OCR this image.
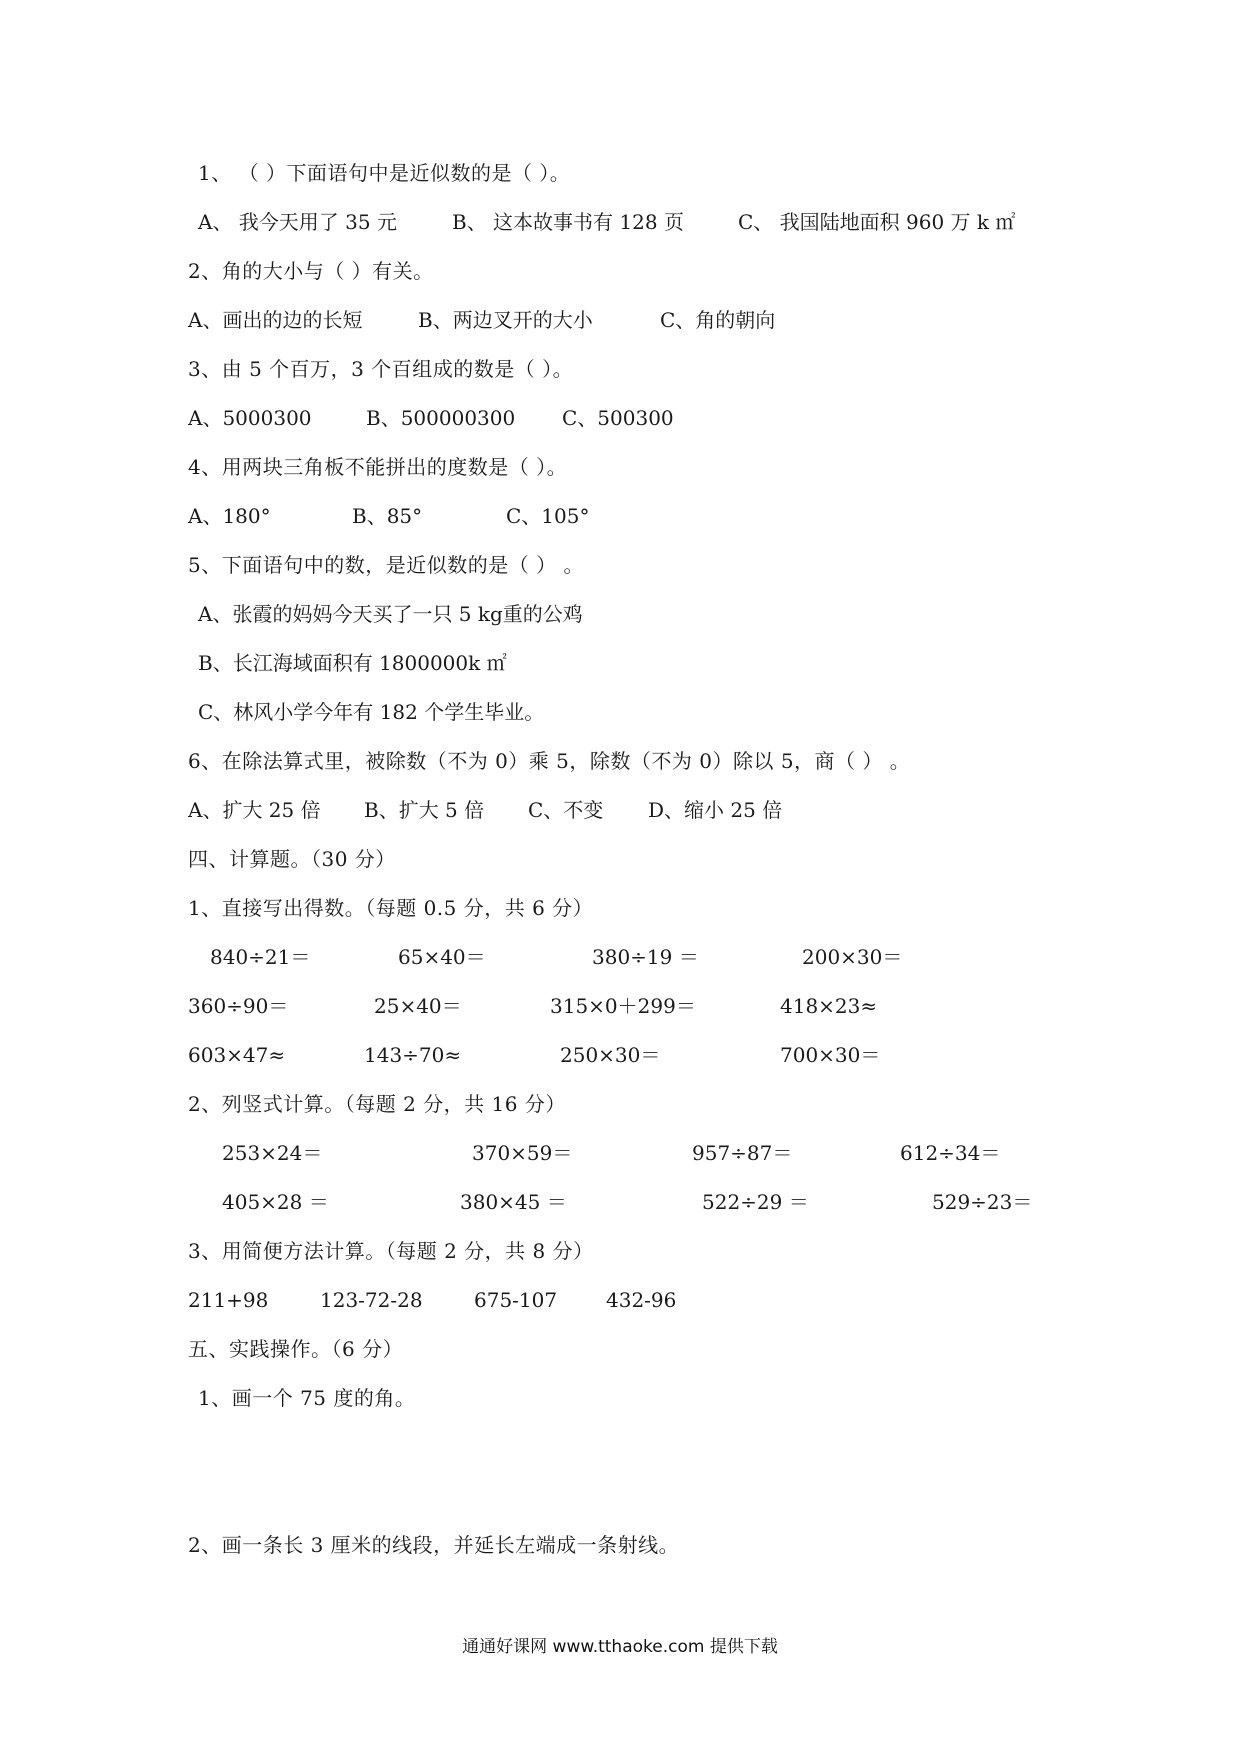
1、 （ ）下面语句中是近似数的是（ ）。
A、 我今天用了 35 元	B、 这本故事书有 128 页	C、 我国陆地面积 960 万 k ㎡
2、角的大小与（ ）有关。
A、画出的边的长短	B、两边叉开的大小	C、角的朝向
3、由 5 个百万，3 个百组成的数是（ ）。
A、5000300	B、500000300 C、500300
4、用两块三角板不能拼出的度数是（ ）。
A、180°	B、85°	C、105°
5、下面语句中的数，是近似数的是（ ） 。
A、张霞的妈妈今天买了一只 5 kg重的公鸡
B、长江海域面积有 1800000k ㎡
C、林风小学今年有 182 个学生毕业。
6、在除法算式里，被除数（不为 0）乘 5，除数（不为 0）除以 5，商（ ） 。
A、扩大 25 倍 B、扩大 5 倍 C、不变 D、缩小 25 倍
四、计算题。（30 分）
1、直接写出得数。（每题 0.5 分，共 6 分）
840÷21＝	65×40＝	380÷19 ＝	200×30＝
360÷90＝	25×40＝	315×0＋299＝	418×23≈
603×47≈	143÷70≈	250×30＝	700×30＝
2、列竖式计算。（每题 2 分，共 16 分）
253×24＝	370×59＝	957÷87＝	612÷34＝
405×28 ＝	380×45 ＝	522÷29 ＝	529÷23＝
3、用简便方法计算。（每题 2 分，共 8 分）
211+98	123-72-28	675-107 432-96
五、实践操作。（6 分）
1、画一个 75 度的角。
2、画一条长 3 厘米的线段，并延长左端成一条射线。
通通好课网 www.tthaoke.com 提供下载
